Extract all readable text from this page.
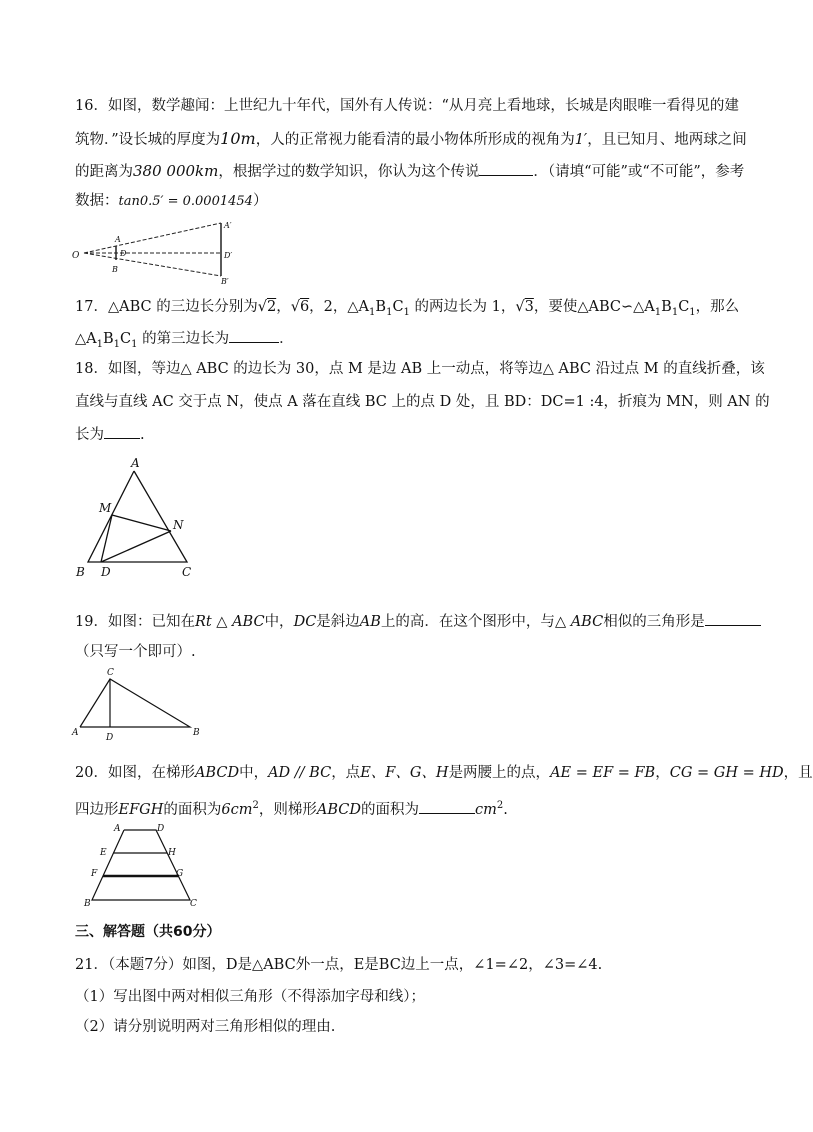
16．如图，数学趣闻：上世纪九十年代，国外有人传说：“从月亮上看地球，长城是肉眼唯一看得见的建
筑物．”设长城的厚度为10m，人的正常视力能看清的最小物体所形成的视角为1′，且已知月、地两球之间
的距离为380 000km，根据学过的数学知识，你认为这个传说	．（请填“可能”或“不可能”，参考
数据：tan0.5′ = 0.0001454）
O
A
D
B
A′
D′
B′
17．△ABC 的三边长分别为√2，√6，2，$\triangle A_1B_1C_1$ 的两边长为 1，√3，要使$\triangle ABC∽\triangle A_1B_1C_1$，那么
$\triangle A_1B_1C_1$ 的第三边长为	．
18．如图，等边△ ABC 的边长为 30，点 M 是边 AB 上一动点，将等边△ ABC 沿过点 M 的直线折叠，该
直线与直线 AC 交于点 N，使点 A 落在直线 BC 上的点 D 处，且 BD：DC=1 :4，折痕为 MN，则 AN 的
长为 .
A
M
N
B D	C
19．如图：已知在Rt △ ABC中，DC是斜边AB上的高．在这个图形中，与△ ABC相似的三角形是
（只写一个即可）.
C
A	D	B
20．如图，在梯形ABCD中，AD // BC，点E、F、G、H是两腰上的点，AE = EF = FB，CG = GH = HD，且
四边形EFGH的面积为$6cm^2$，则梯形ABCD的面积为	$cm^2$.
A	D
E	H
F	G
B	C
三、解答题（共60分）
21．（本题7分）如图，D是△ABC外一点，E是BC边上一点，∠1=∠2，∠3=∠4.
（1）写出图中两对相似三角形（不得添加字母和线）；
（2）请分别说明两对三角形相似的理由.
